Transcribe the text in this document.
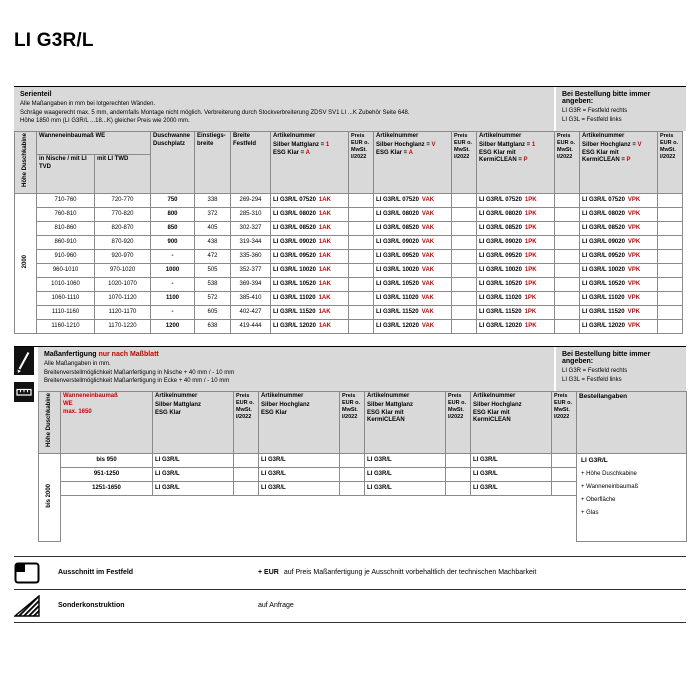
LI G3R/L
Serienteil
Alle Maßangaben in mm bei lotgerechten Wänden.
Schräge waagerecht max. 5 mm, andernfalls Montage nicht möglich. Verbreiterung durch Stockverbreiterung ZDSV SV1 LI ...K Zubehör Seite 648.
Höhe 1850 mm (LI G3R/L ...18...K) gleicher Preis wie 2000 mm.
Bei Bestellung bitte immer angeben:
LI G3R = Festfeld rechts
LI G3L = Festfeld links
Höhe Duschkabine	Wanneneinbaumaß WE	Duschwanne Duschplatz	Einstiegs- breite	Breite Festfeld	
Artikelnummer
Silber Mattglanz = 1
ESG Klar = A
	Preis EUR o. MwSt. I/2022	
Artikelnummer
Silber Hochglanz = V
ESG Klar = A
	Preis EUR o. MwSt. I/2022	
Artikelnummer
Silber Mattglanz = 1
ESG Klar mit KermiCLEAN = P
	Preis EUR o. MwSt. I/2022	
Artikelnummer
Silber Hochglanz = V
ESG Klar mit KermiCLEAN = P
	Preis EUR o. MwSt. I/2022
	in Nische / mit LI TVD	mit LI TWD											
2000	710-760	720-770	750	338	269-294	LI G3R/L 07520 1AK		LI G3R/L 07520 VAK		LI G3R/L 07520 1PK		LI G3R/L 07520 VPK	
	760-810	770-820	800	372	285-310	LI G3R/L 08020 1AK		LI G3R/L 08020 VAK		LI G3R/L 08020 1PK		LI G3R/L 08020 VPK	
	810-860	820-870	850	405	302-327	LI G3R/L 08520 1AK		LI G3R/L 08520 VAK		LI G3R/L 08520 1PK		LI G3R/L 08520 VPK	
	860-910	870-920	900	438	319-344	LI G3R/L 09020 1AK		LI G3R/L 09020 VAK		LI G3R/L 09020 1PK		LI G3R/L 09020 VPK	
	910-960	920-970	-	472	335-360	LI G3R/L 09520 1AK		LI G3R/L 09520 VAK		LI G3R/L 09520 1PK		LI G3R/L 09520 VPK	
	960-1010	970-1020	1000	505	352-377	LI G3R/L 10020 1AK		LI G3R/L 10020 VAK		LI G3R/L 10020 1PK		LI G3R/L 10020 VPK	
	1010-1060	1020-1070	-	538	369-394	LI G3R/L 10520 1AK		LI G3R/L 10520 VAK		LI G3R/L 10520 1PK		LI G3R/L 10520 VPK	
	1060-1110	1070-1120	1100	572	385-410	LI G3R/L 11020 1AK		LI G3R/L 11020 VAK		LI G3R/L 11020 1PK		LI G3R/L 11020 VPK	
	1110-1160	1120-1170	-	605	402-427	LI G3R/L 11520 1AK		LI G3R/L 11520 VAK		LI G3R/L 11520 1PK		LI G3R/L 11520 VPK	
	1160-1210	1170-1220	1200	638	419-444	LI G3R/L 12020 1AK		LI G3R/L 12020 VAK		LI G3R/L 12020 1PK		LI G3R/L 12020 VPK	
Maßanfertigung nur nach Maßblatt
Alle Maßangaben in mm.
Breitenverstellmöglichkeit Maßanfertigung in Nische + 40 mm / - 10 mm
Breitenverstellmöglichkeit Maßanfertigung in Ecke + 40 mm / - 10 mm
Bei Bestellung bitte immer angeben:
LI G3R = Festfeld rechts
LI G3L = Festfeld links
Höhe Duschkabine	Wanneneinbaumaß
WE
max. 1650

Artikelnummer
Silber Mattglanz
ESG Klar
	Preis EUR o. MwSt. I/2022	
Artikelnummer
Silber Hochglanz
ESG Klar
	Preis EUR o. MwSt. I/2022	
Artikelnummer
Silber Mattglanz
ESG Klar mit KermiCLEAN
	Preis EUR o. MwSt. I/2022	
Artikelnummer
Silber Hochglanz
ESG Klar mit KermiCLEAN
	Preis EUR o. MwSt. I/2022	Bestellangaben
bis 2000	bis 950	LI G3R/L		LI G3R/L		LI G3R/L		LI G3R/L		LI G3R/L
+ Höhe Duschkabine
+ Wanneneinbaumaß
+ Oberfläche
+ Glas

	951-1250	LI G3R/L		LI G3R/L		LI G3R/L		LI G3R/L		
	1251-1650	LI G3R/L		LI G3R/L		LI G3R/L		LI G3R/L		

Ausschnitt im Festfeld	+ EUR auf Preis Maßanfertigung je Ausschnitt vorbehaltlich der technischen Machbarkeit
Sonderkonstruktion	auf Anfrage
